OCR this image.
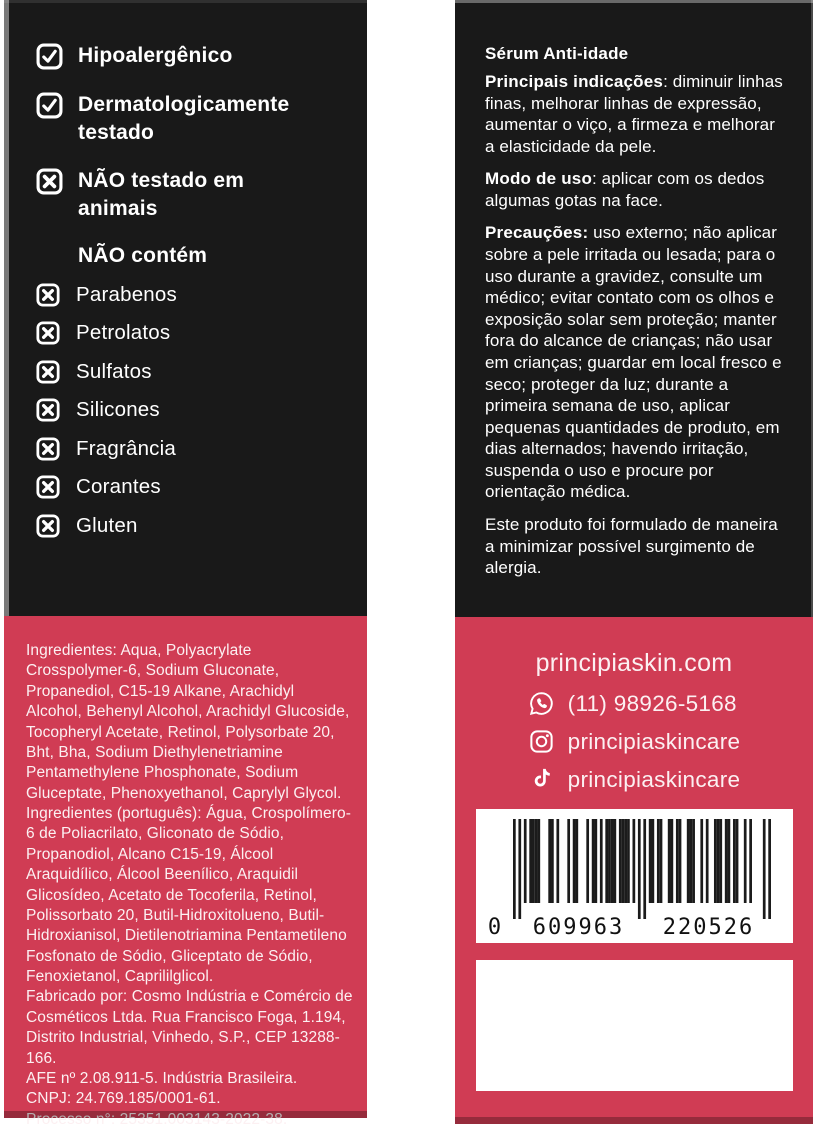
Hipoalergênico
Dermatologicamente testado
NÃO testado em animais
NÃO contém
Parabenos
Petrolatos
Sulfatos
Silicones
Fragrância
Corantes
Gluten

Ingredientes: Aqua, Polyacrylate Crosspolymer-6, Sodium Gluconate, Propanediol, C15-19 Alkane, Arachidyl Alcohol, Behenyl Alcohol, Arachidyl Glucoside, Tocopheryl Acetate, Retinol, Polysorbate 20, Bht, Bha, Sodium Diethylenetriamine Pentamethylene Phosphonate, Sodium Gluceptate, Phenoxyethanol, Caprylyl Glycol.

Ingredientes (português): Água, Crospolímero-6 de Poliacrilato, Gliconato de Sódio, Propanodiol, Alcano C15-19, Álcool Araquidílico, Álcool Beenílico, Araquidil Glicosídeo, Acetato de Tocoferila, Retinol, Polissorbato 20, Butil-Hidroxitolueno, Butil-Hidroxianisol, Dietilenotriamina Pentametileno Fosfonato de Sódio, Gliceptato de Sódio, Fenoxietanol, Caprililglicol.

Fabricado por: Cosmo Indústria e Comércio de Cosméticos Ltda. Rua Francisco Foga, 1.194, Distrito Industrial, Vinhedo, S.P., CEP 13288-166.

AFE nº 2.08.911-5. Indústria Brasileira.

CNPJ: 24.769.185/0001-61.

Processo n°: 25351.003143-2022-38.

Sérum Anti-idade

Principais indicações: diminuir linhas finas, melhorar linhas de expressão, aumentar o viço, a firmeza e melhorar a elasticidade da pele.

Modo de uso: aplicar com os dedos algumas gotas na face.

Precauções: uso externo; não aplicar sobre a pele irritada ou lesada; para o uso durante a gravidez, consulte um médico; evitar contato com os olhos e exposição solar sem proteção; manter fora do alcance de crianças; não usar em crianças; guardar em local fresco e seco; proteger da luz; durante a primeira semana de uso, aplicar pequenas quantidades de produto, em dias alternados; havendo irritação, suspenda o uso e procure por orientação médica.

Este produto foi formulado de maneira a minimizar possível surgimento de alergia.

principiaskin.com
(11) 98926-5168
principiaskincare
principiaskincare
0	609963	220526
